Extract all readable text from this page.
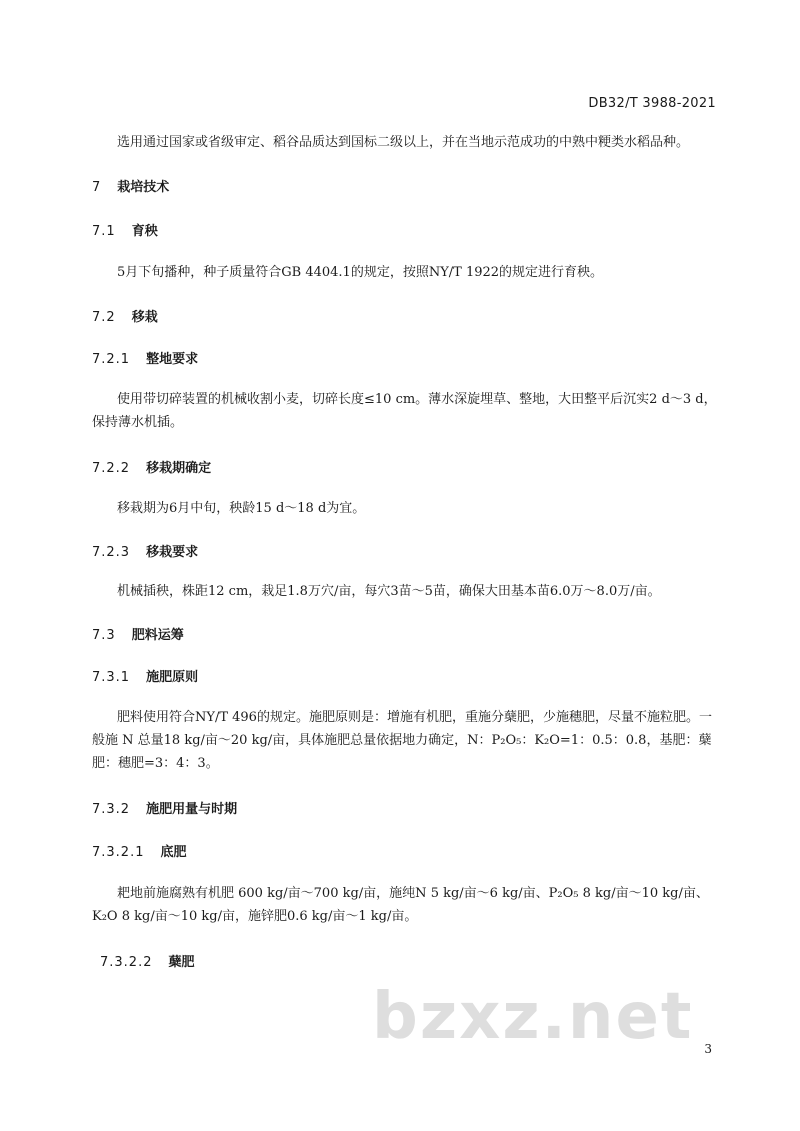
DB32/T 3988-2021
选用通过国家或省级审定、稻谷品质达到国标二级以上，并在当地示范成功的中熟中粳类水稻品种。
7 栽培技术
7.1 育秧
5月下旬播种，种子质量符合GB 4404.1的规定，按照NY/T 1922的规定进行育秧。
7.2 移栽
7.2.1 整地要求
使用带切碎装置的机械收割小麦，切碎长度≤10 cm。薄水深旋埋草、整地，大田整平后沉实2 d～3 d，保持薄水机插。
7.2.2 移栽期确定
移栽期为6月中旬，秧龄15 d～18 d为宜。
7.2.3 移栽要求
机械插秧，株距12 cm，栽足1.8万穴/亩，每穴3苗～5苗，确保大田基本苗6.0万～8.0万/亩。
7.3 肥料运筹
7.3.1 施肥原则
肥料使用符合NY/T 496的规定。施肥原则是：增施有机肥，重施分蘖肥，少施穗肥，尽量不施粒肥。一般施 N 总量18 kg/亩～20 kg/亩，具体施肥总量依据地力确定，N：P₂O₅：K₂O=1：0.5：0.8，基肥：蘖肥：穗肥=3：4：3。
7.3.2 施肥用量与时期
7.3.2.1 底肥
耙地前施腐熟有机肥 600 kg/亩～700 kg/亩，施纯N 5 kg/亩～6 kg/亩、P₂O₅ 8 kg/亩～10 kg/亩、K₂O 8 kg/亩～10 kg/亩，施锌肥0.6 kg/亩～1 kg/亩。
7.3.2.2 蘖肥
bzxz.net 3
